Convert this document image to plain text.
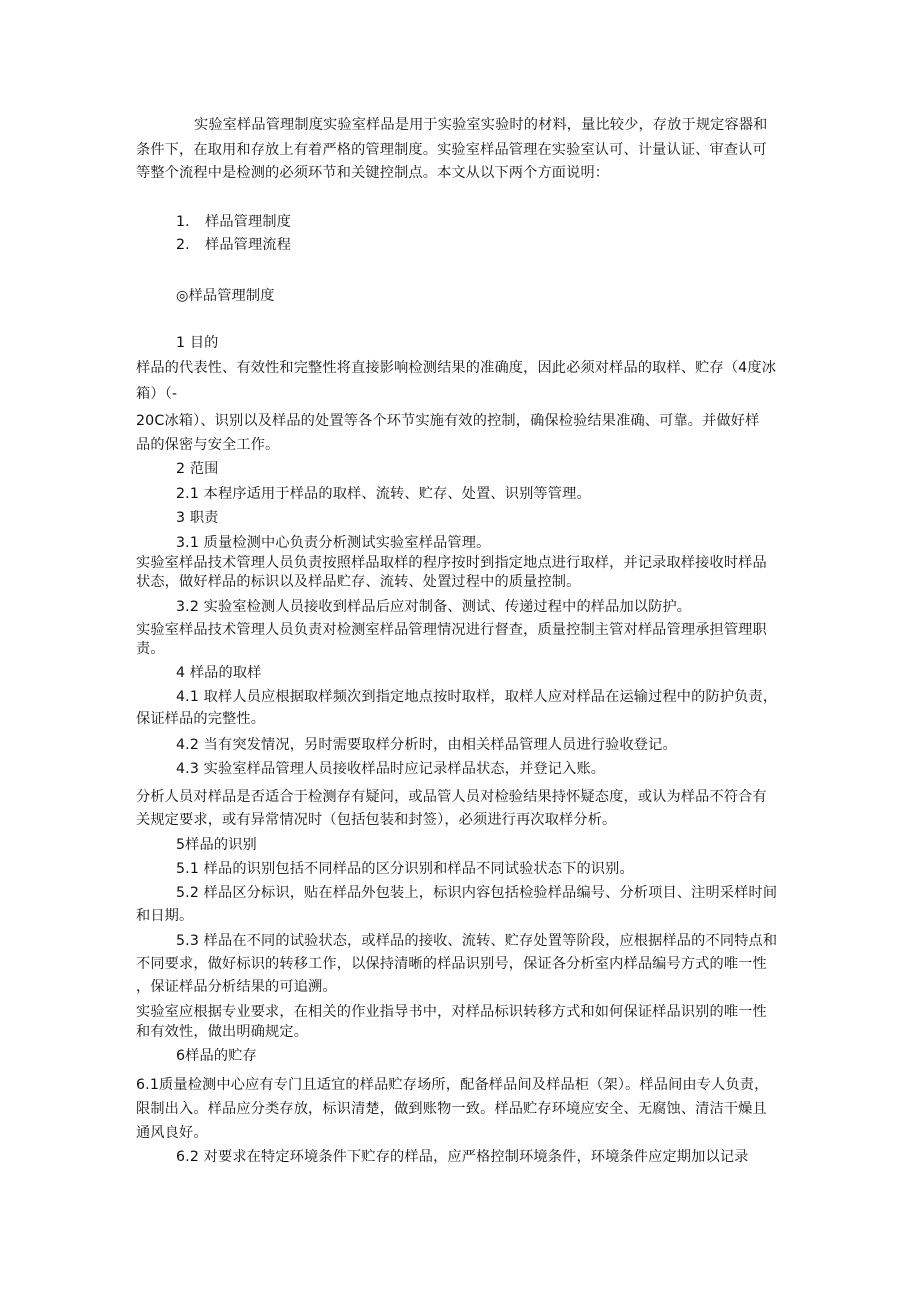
实验室样品管理制度实验室样品是用于实验室实验时的材料，量比较少，存放于规定容器和
条件下，在取用和存放上有着严格的管理制度。实验室样品管理在实验室认可、计量认证、审查认可
等整个流程中是检测的必须环节和关键控制点。本文从以下两个方面说明：
1. 样品管理制度
2. 样品管理流程
◎样品管理制度
1 目的
样品的代表性、有效性和完整性将直接影响检测结果的准确度，因此必须对样品的取样、贮存（4度冰
箱）（-
20C冰箱）、识别以及样品的处置等各个环节实施有效的控制，确保检验结果准确、可靠。并做好样
品的保密与安全工作。
2 范围
2.1 本程序适用于样品的取样、流转、贮存、处置、识别等管理。
3 职责
3.1 质量检测中心负责分析测试实验室样品管理。
实验室样品技术管理人员负责按照样品取样的程序按时到指定地点进行取样，并记录取样接收时样品
状态，做好样品的标识以及样品贮存、流转、处置过程中的质量控制。
3.2 实验室检测人员接收到样品后应对制备、测试、传递过程中的样品加以防护。
实验室样品技术管理人员负责对检测室样品管理情况进行督查，质量控制主管对样品管理承担管理职
责。
4 样品的取样
4.1 取样人员应根据取样频次到指定地点按时取样，取样人应对样品在运输过程中的防护负责，
保证样品的完整性。
4.2 当有突发情况，另时需要取样分析时，由相关样品管理人员进行验收登记。
4.3 实验室样品管理人员接收样品时应记录样品状态，并登记入账。
分析人员对样品是否适合于检测存有疑问，或品管人员对检验结果持怀疑态度，或认为样品不符合有
关规定要求，或有异常情况时（包括包装和封签），必须进行再次取样分析。
5样品的识别
5.1 样品的识别包括不同样品的区分识别和样品不同试验状态下的识别。
5.2 样品区分标识，贴在样品外包装上，标识内容包括检验样品编号、分析项目、注明采样时间
和日期。
5.3 样品在不同的试验状态，或样品的接收、流转、贮存处置等阶段，应根据样品的不同特点和
不同要求，做好标识的转移工作，以保持清晰的样品识别号，保证各分析室内样品编号方式的唯一性
，保证样品分析结果的可追溯。
实验室应根据专业要求，在相关的作业指导书中，对样品标识转移方式和如何保证样品识别的唯一性
和有效性，做出明确规定。
6样品的贮存
6.1质量检测中心应有专门且适宜的样品贮存场所，配备样品间及样品柜（架）。样品间由专人负责，
限制出入。样品应分类存放，标识清楚，做到账物一致。样品贮存环境应安全、无腐蚀、清洁干燥且
通风良好。
6.2 对要求在特定环境条件下贮存的样品，应严格控制环境条件，环境条件应定期加以记录
